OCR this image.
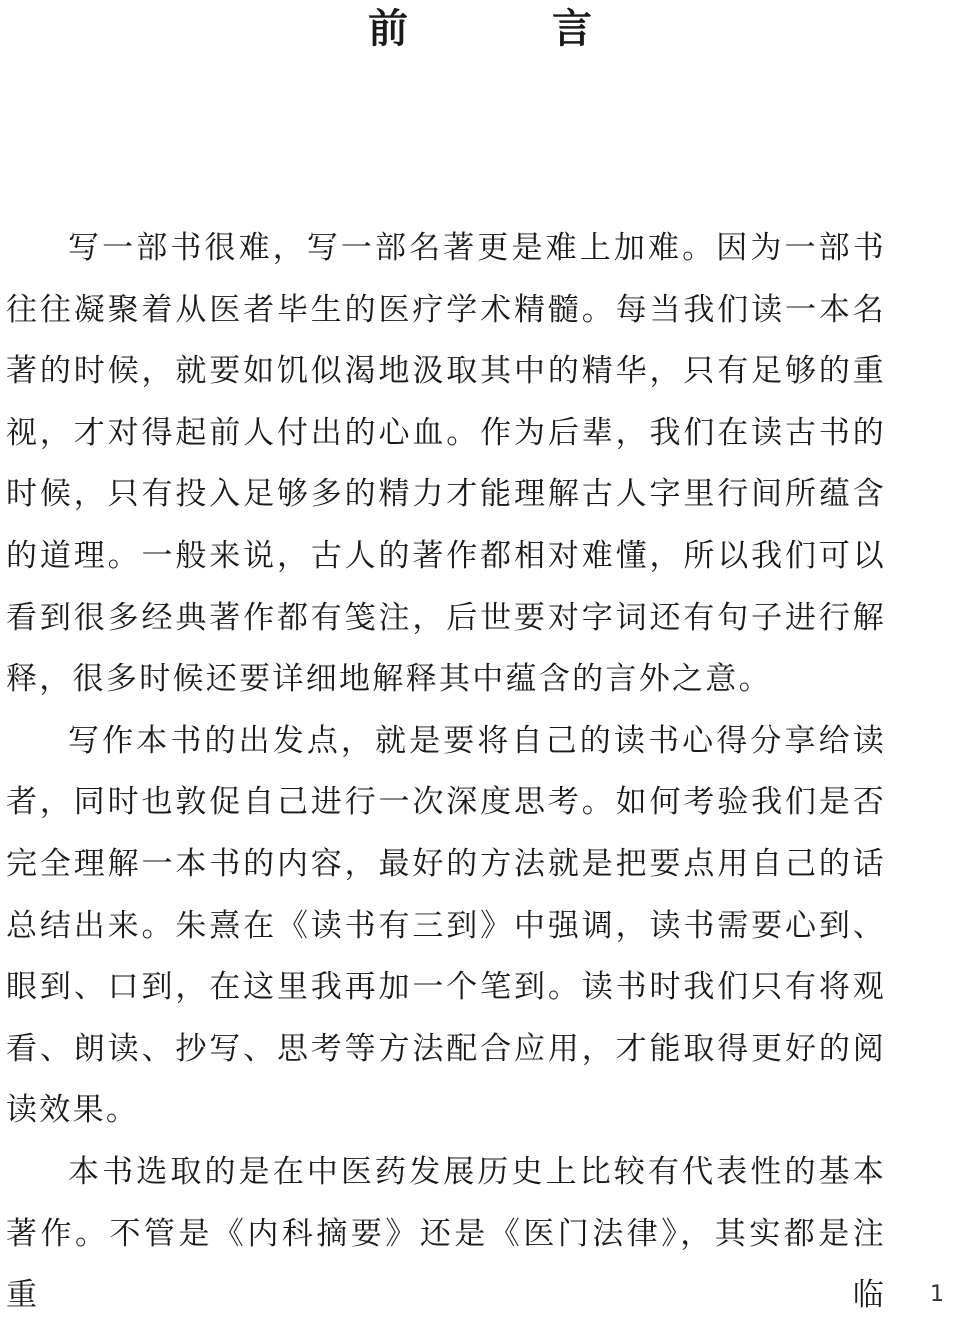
前　言

写一部书很难，写一部名著更是难上加难。因为一部书往往凝聚着从医者毕生的医疗学术精髓。每当我们读一本名著的时候，就要如饥似渴地汲取其中的精华，只有足够的重视，才对得起前人付出的心血。作为后辈，我们在读古书的时候，只有投入足够多的精力才能理解古人字里行间所蕴含的道理。一般来说，古人的著作都相对难懂，所以我们可以看到很多经典著作都有笺注，后世要对字词还有句子进行解释，很多时候还要详细地解释其中蕴含的言外之意。

写作本书的出发点，就是要将自己的读书心得分享给读者，同时也敦促自己进行一次深度思考。如何考验我们是否完全理解一本书的内容，最好的方法就是把要点用自己的话总结出来。朱熹在《读书有三到》中强调，读书需要心到、眼到、口到，在这里我再加一个笔到。读书时我们只有将观看、朗读、抄写、思考等方法配合应用，才能取得更好的阅读效果。

本书选取的是在中医药发展历史上比较有代表性的基本著作。不管是《内科摘要》还是《医门法律》，其实都是注重临 1
